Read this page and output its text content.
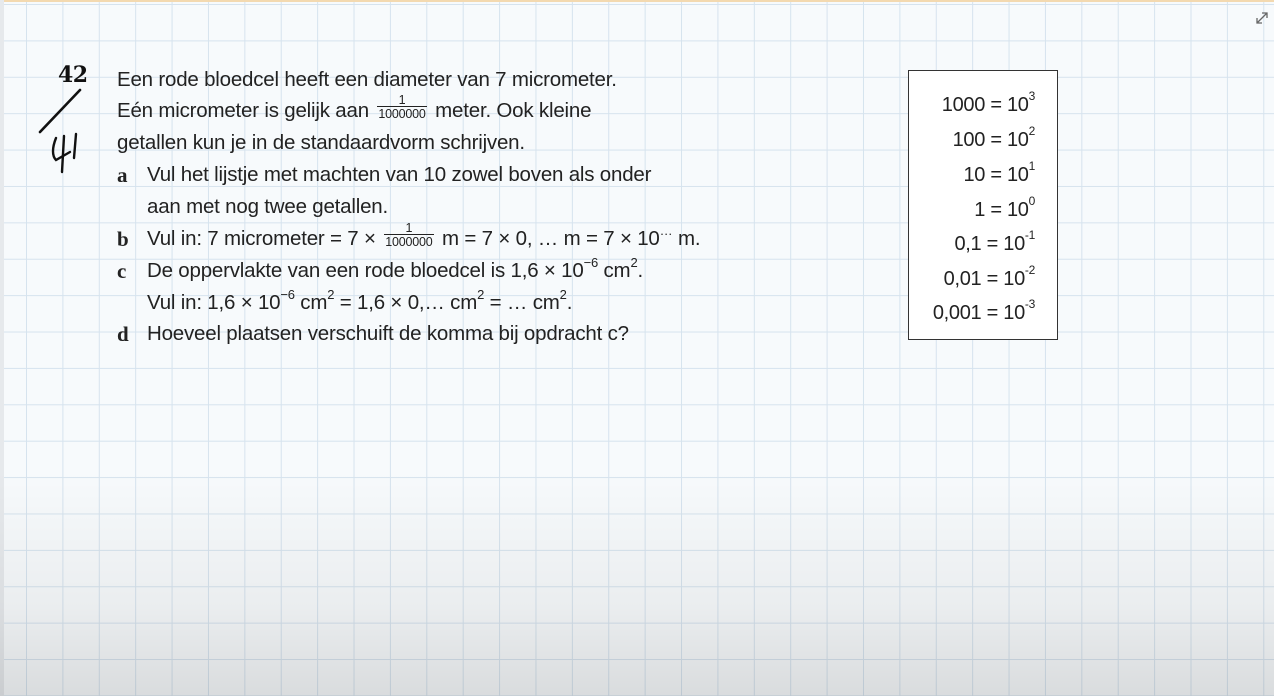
42 Een rode bloedcel heeft een diameter van 7 micrometer.
Eén micrometer is gelijk aan $\frac{1}{1000000}$ meter. Ook kleine
getallen kun je in de standaardvorm schrijven.
a Vul het lijstje met machten van 10 zowel boven als onder
aan met nog twee getallen.
b Vul in: 7 micrometer = $7 \times \frac{1}{1000000}$ m = 7 × 0, … m = 7 × 10… m.
c De oppervlakte van een rode bloedcel is $1,6 \times 10^{-6}$ $cm^2$.
Vul in: $1,6 \times 10^{-6}$ $cm^2 = 1,6$ × 0,… $cm^2$ = … $cm^2$.
d Hoeveel plaatsen verschuift de komma bij opdracht c?
$1000 = 10^3$
$100 = 10^2$
$10 = 10^1$
$1 = 10^0$
$0,1 = 10^{-1}$
$0,01 = 10^{-2}$
$0,001 = 10^{-3}$
